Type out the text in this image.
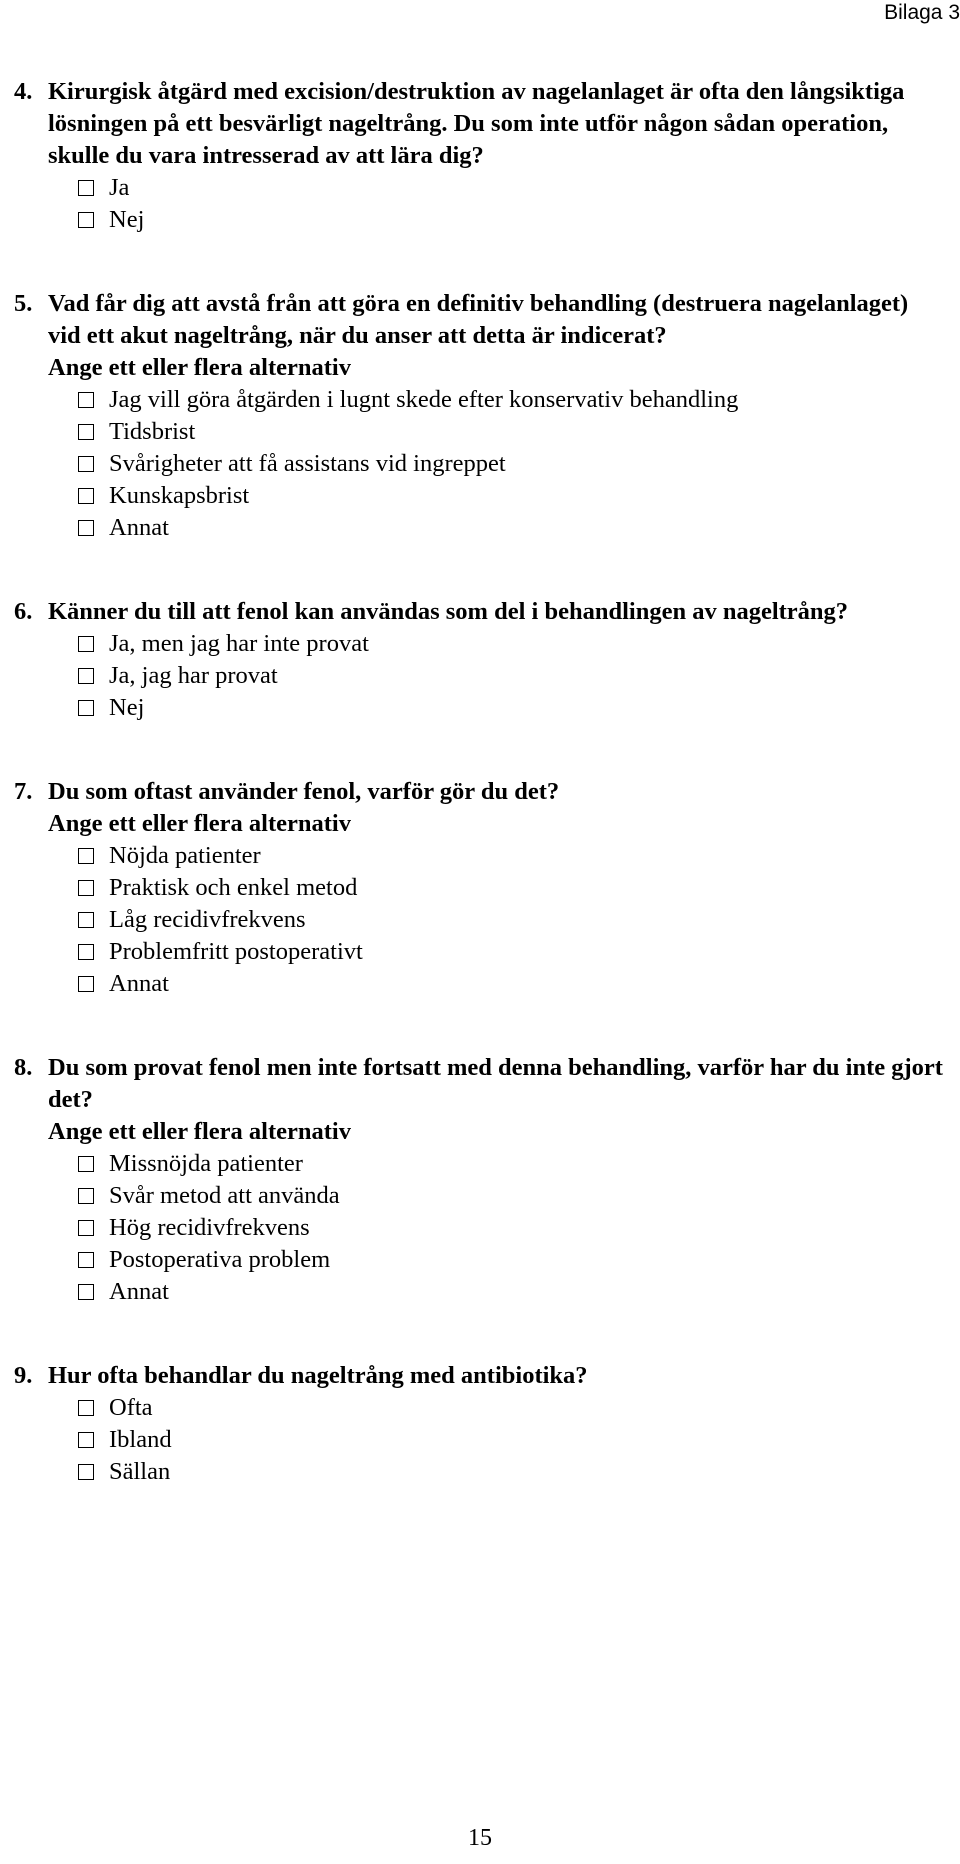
Bilaga 3
4. Kirurgisk åtgärd med excision/destruktion av nagelanlaget är ofta den långsiktiga lösningen på ett besvärligt nageltrång. Du som inte utför någon sådan operation, skulle du vara intresserad av att lära dig?
Ja
Nej
5. Vad får dig att avstå från att göra en definitiv behandling (destruera nagelanlaget) vid ett akut nageltrång, när du anser att detta är indicerat?
Ange ett eller flera alternativ
Jag vill göra åtgärden i lugnt skede efter konservativ behandling
Tidsbrist
Svårigheter att få assistans vid ingreppet
Kunskapsbrist
Annat
6. Känner du till att fenol kan användas som del i behandlingen av nageltrång?
Ja, men jag har inte provat
Ja, jag har provat
Nej
7. Du som oftast använder fenol, varför gör du det?
Ange ett eller flera alternativ
Nöjda patienter
Praktisk och enkel metod
Låg recidivfrekvens
Problemfritt postoperativt
Annat
8. Du som provat fenol men inte fortsatt med denna behandling, varför har du inte gjort det?
Ange ett eller flera alternativ
Missnöjda patienter
Svår metod att använda
Hög recidivfrekvens
Postoperativa problem
Annat
9. Hur ofta behandlar du nageltrång med antibiotika?
Ofta
Ibland
Sällan
15
